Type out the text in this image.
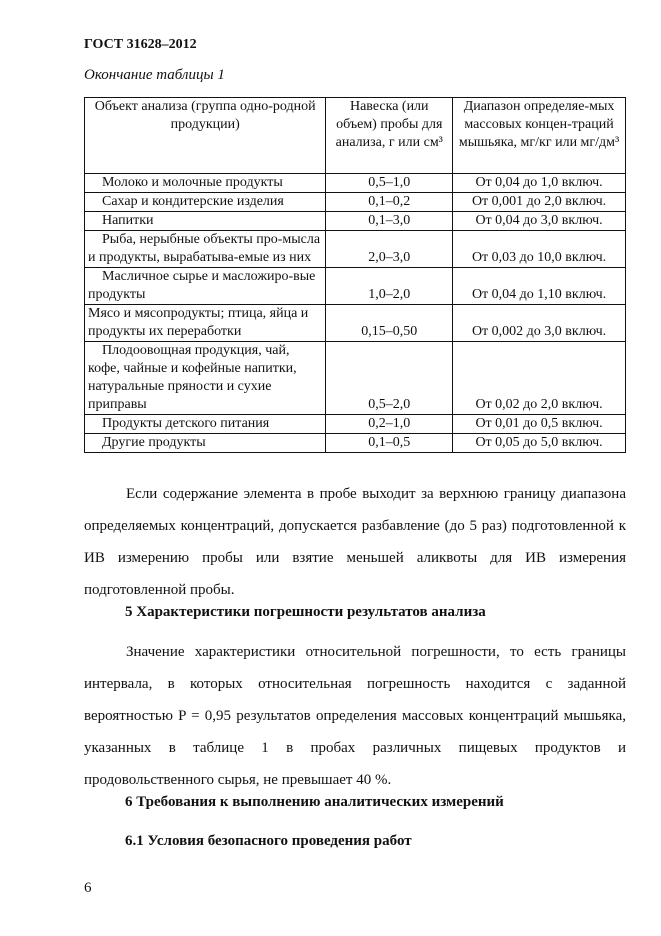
ГОСТ 31628–2012
Окончание таблицы 1
Объект анализа (группа одно-родной продукции)	Навеска (или объем) пробы для анализа, г или см³	Диапазон определяе-мых массовых концен-траций мышьяка, мг/кг или мг/дм³
Молоко и молочные продукты	0,5–1,0	От 0,04 до 1,0 включ.
Сахар и кондитерские изделия	0,1–0,2	От 0,001 до 2,0 включ.
Напитки	0,1–3,0	От 0,04 до 3,0 включ.
Рыба, нерыбные объекты про-мысла и продукты, вырабатыва-емые из них	2,0–3,0	От 0,03 до 10,0 включ.
Масличное сырье и масложиро-вые продукты	1,0–2,0	От 0,04 до 1,10 включ.
Мясо и мясопродукты; птица, яйца и продукты их переработки	0,15–0,50	От 0,002 до 3,0 включ.
Плодоовощная продукция, чай, кофе, чайные и кофейные напитки, натуральные пряности и сухие приправы	0,5–2,0	От 0,02 до 2,0 включ.
Продукты детского питания	0,2–1,0	От 0,01 до 0,5 включ.
Другие продукты	0,1–0,5	От 0,05 до 5,0 включ.
Если содержание элемента в пробе выходит за верхнюю границу диапазона определяемых концентраций, допускается разбавление (до 5 раз) подготовленной к ИВ измерению пробы или взятие меньшей аликвоты для ИВ измерения подготовленной пробы.
5 Характеристики погрешности результатов анализа
Значение характеристики относительной погрешности, то есть границы интервала, в которых относительная погрешность находится с заданной вероятностью P = 0,95 результатов определения массовых концентраций мышьяка, указанных в таблице 1 в пробах различных пищевых продуктов и продовольственного сырья, не превышает 40 %.
6 Требования к выполнению аналитических измерений
6.1 Условия безопасного проведения работ
6
